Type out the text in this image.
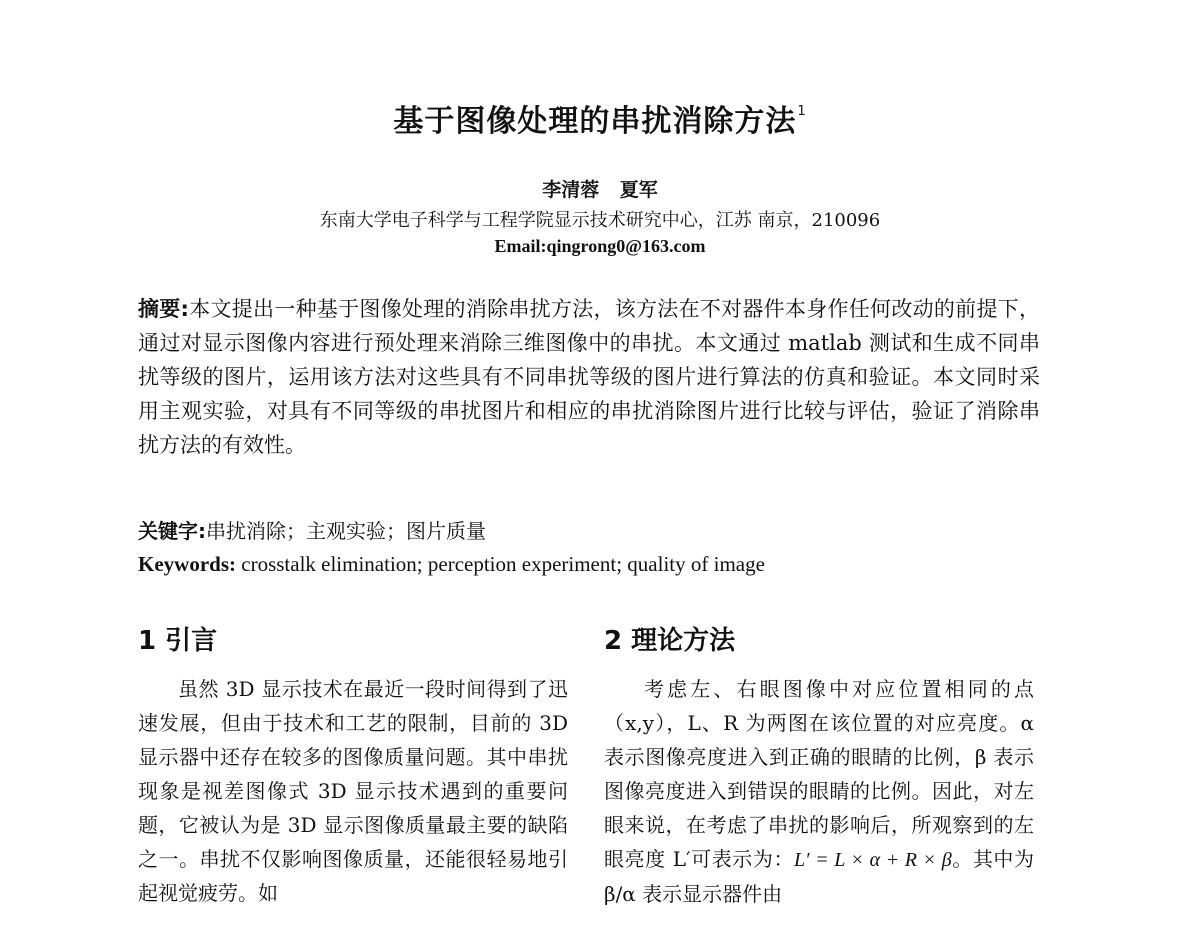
基于图像处理的串扰消除方法$^1$
李清蓉 夏军
东南大学电子科学与工程学院显示技术研究中心，江苏 南京，210096
Email:qingrong0@163.com
摘要:本文提出一种基于图像处理的消除串扰方法，该方法在不对器件本身作任何改动的前提下，通过对显示图像内容进行预处理来消除三维图像中的串扰。本文通过 matlab 测试和生成不同串扰等级的图片，运用该方法对这些具有不同串扰等级的图片进行算法的仿真和验证。本文同时采用主观实验，对具有不同等级的串扰图片和相应的串扰消除图片进行比较与评估，验证了消除串扰方法的有效性。
关键字:串扰消除；主观实验；图片质量
Keywords: crosstalk elimination; perception experiment; quality of image
1 引言	2 理论方法

虽然 3D 显示技术在最近一段时间得到了迅速发展，但由于技术和工艺的限制，目前的 3D 显示器中还存在较多的图像质量问题。其中串扰现象是视差图像式 3D 显示技术遇到的重要问题，它被认为是 3D 显示图像质量最主要的缺陷之一。串扰不仅影响图像质量，还能很轻易地引起视觉疲劳。如

考虑左、右眼图像中对应位置相同的点（x,y），L、R 为两图在该位置的对应亮度。α 表示图像亮度进入到正确的眼睛的比例，β 表示图像亮度进入到错误的眼睛的比例。因此，对左眼来说，在考虑了串扰的影响后，所观察到的左眼亮度 L′可表示为：L′ = L × α + R × β。其中为 β/α 表示显示器件由
